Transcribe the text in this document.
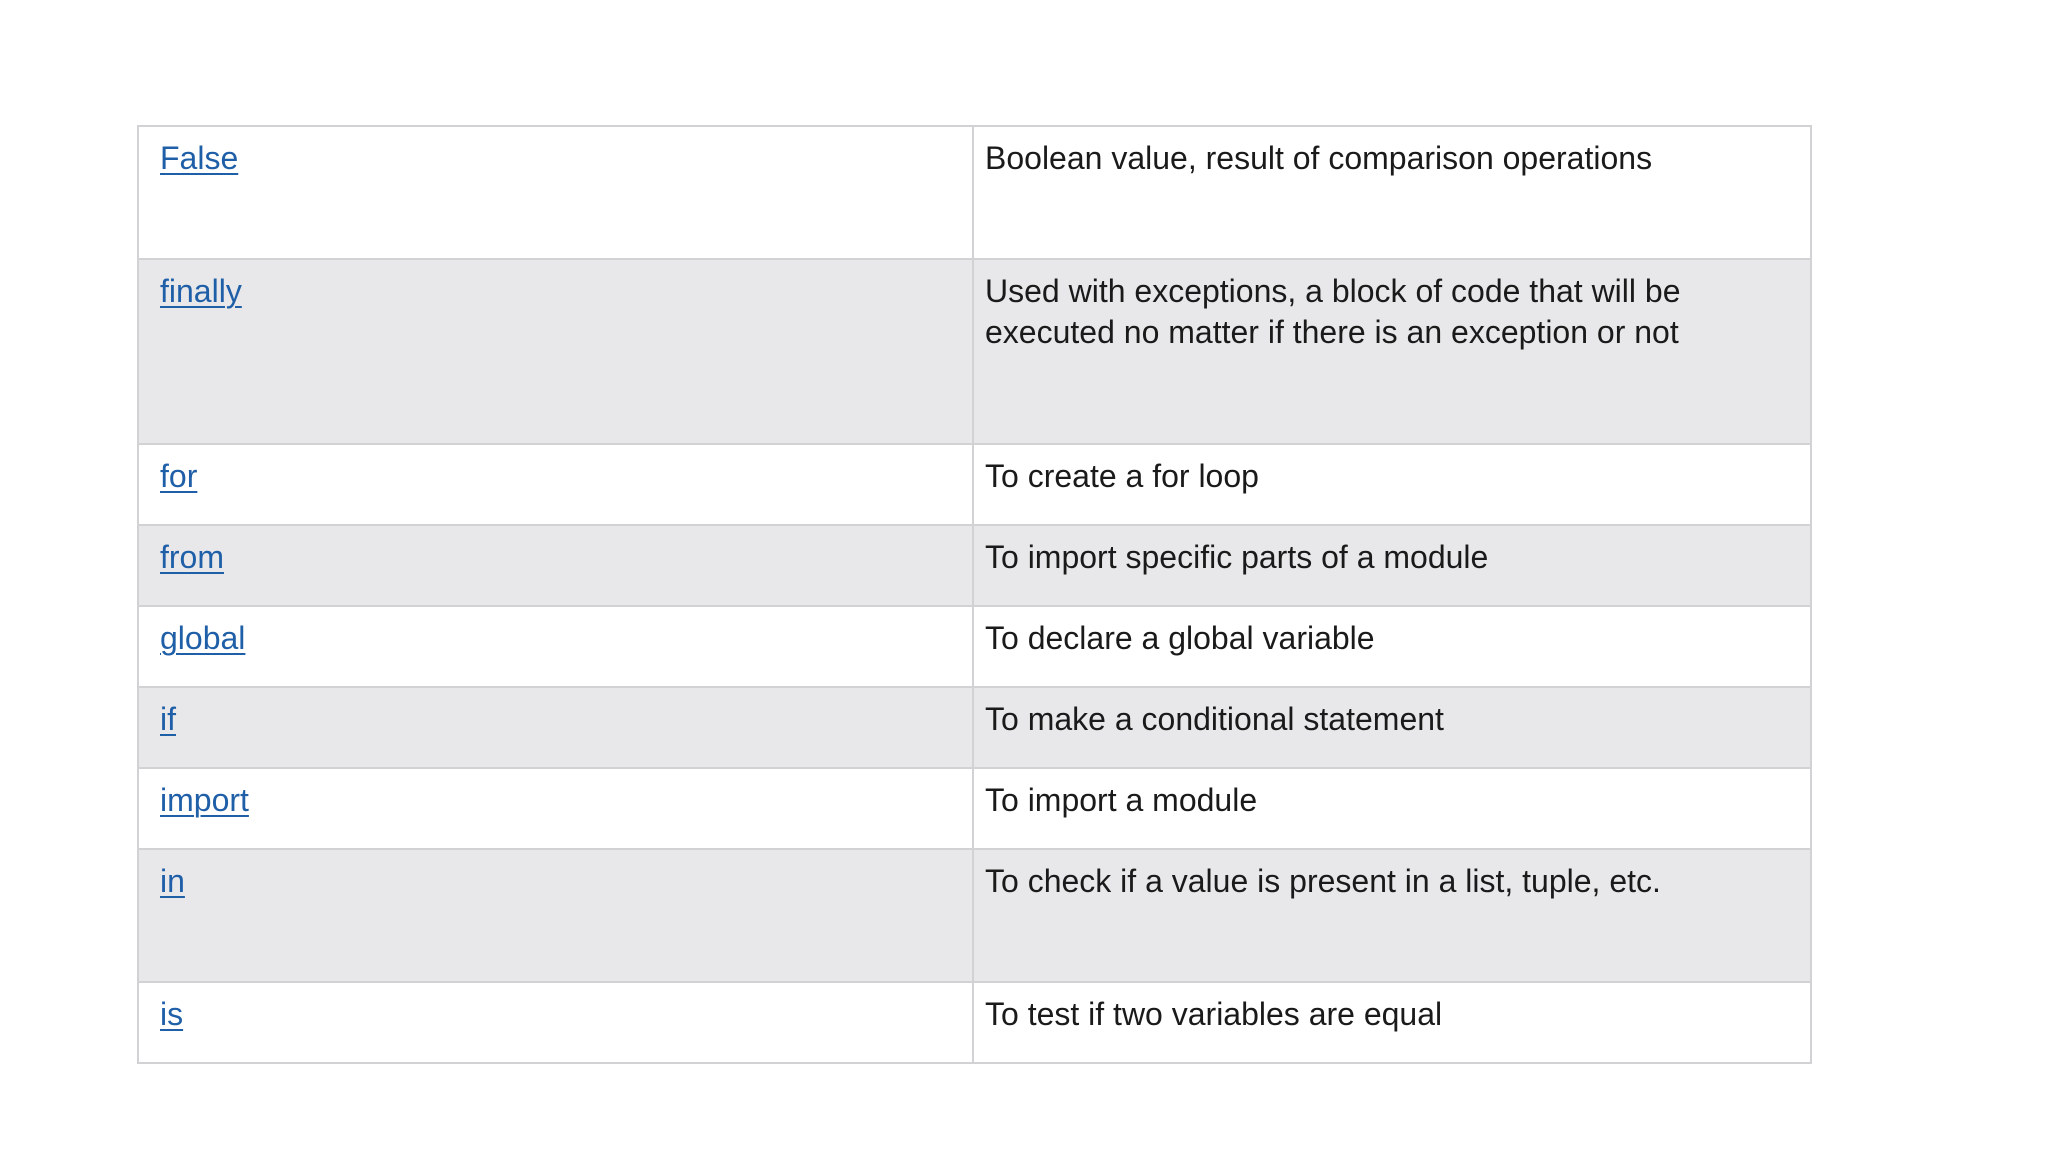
False	Boolean value, result of comparison operations
finally	Used with exceptions, a block of code that will be executed no matter if there is an exception or not
for	To create a for loop
from	To import specific parts of a module
global	To declare a global variable
if	To make a conditional statement
import	To import a module
in	To check if a value is present in a list, tuple, etc.
is	To test if two variables are equal
